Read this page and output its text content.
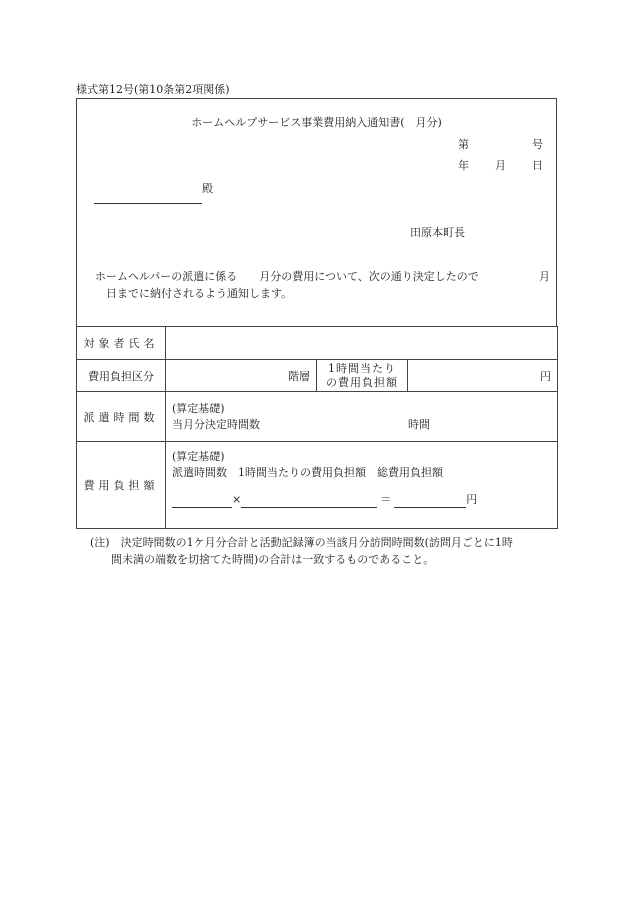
様式第12号(第10条第2項関係)
ホームヘルプサービス事業費用納入通知書(　月分)
第	号
年 月 日
殿
田原本町長
ホームヘルパーの派遣に係る　　月分の費用について、次の通り決定したので	月
日までに納付されるよう通知します。
対象者氏名			
費用負担区分	階層	1時間当たり
の費用負担額	円
派遣時間数	(算定基礎)
当月分決定時間数 時間		

費用負担額	(算定基礎)
派遣時間数　1時間当たりの費用負担額　総費用負担額
× ＝ 円		
(注)　決定時間数の1ケ月分合計と活動記録簿の当該月分訪問時間数(訪問月ごとに1時
間未満の端数を切捨てた時間)の合計は一致するものであること。
